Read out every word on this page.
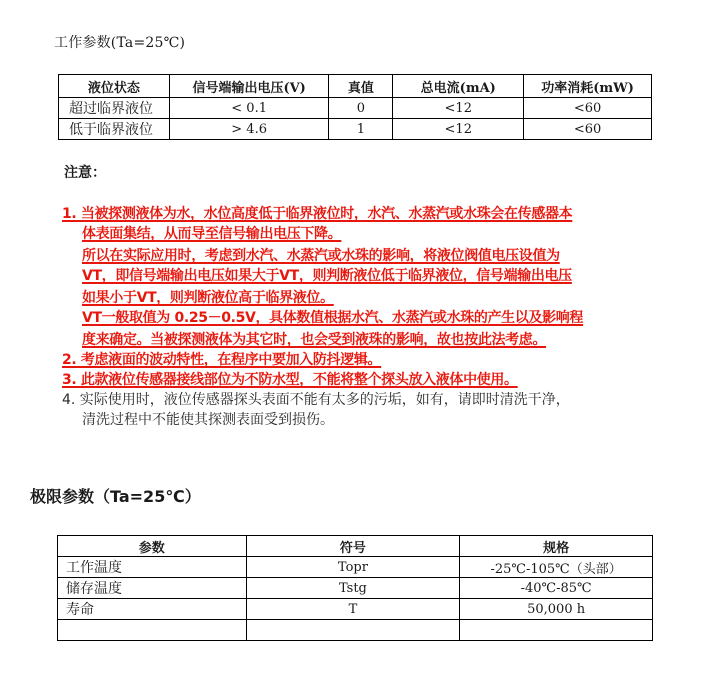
工作参数(Ta=25℃)
液位状态	信号端输出电压(V)	真值	总电流(mA)	功率消耗(mW)
超过临界液位	< 0.1	0	<12	<60
低于临界液位	> 4.6	1	<12	<60
注意：
1. 当被探测液体为水，水位高度低于临界液位时，水汽、水蒸汽或水珠会在传感器本
体表面集结，从而导至信号输出电压下降。
所以在实际应用时，考虑到水汽、水蒸汽或水珠的影响，将液位阀值电压设值为
VT，即信号端输出电压如果大于VT，则判断液位低于临界液位，信号端输出电压
如果小于VT，则判断液位高于临界液位。
VT一般取值为 0.25－0.5V，具体数值根据水汽、水蒸汽或水珠的产生以及影响程
度来确定。当被探测液体为其它时，也会受到液珠的影响，故也按此法考虑。
2. 考虑液面的波动特性，在程序中要加入防抖逻辑。
3. 此款液位传感器接线部位为不防水型，不能将整个探头放入液体中使用。
4. 实际使用时，液位传感器探头表面不能有太多的污垢，如有，请即时清洗干净，
清洗过程中不能使其探测表面受到损伤。
极限参数（Ta=25℃）
参数	符号	规格
工作温度	Topr	-25℃-105℃（头部）
储存温度	Tstg	-40℃-85℃
寿命	T	50,000 h
